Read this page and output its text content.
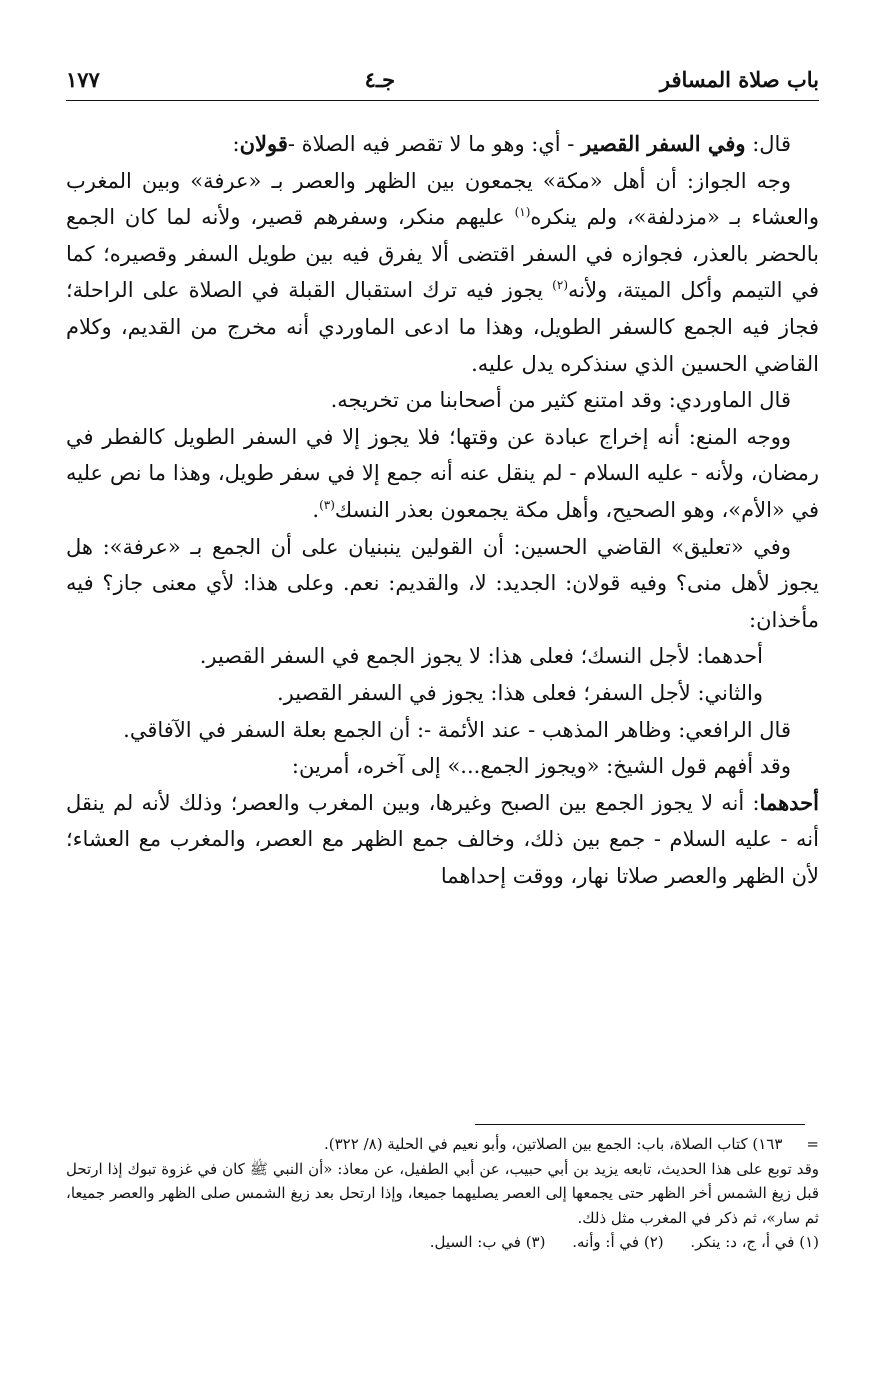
باب صلاة المسافر
جـ٤
١٧٧

قال: وفي السفر القصير - أي: وهو ما لا تقصر فيه الصلاة -قولان:

وجه الجواز: أن أهل «مكة» يجمعون بين الظهر والعصر بـ «عرفة» وبين المغرب والعشاء بـ «مزدلفة»، ولم ينكره$^{(١)}$ عليهم منكر، وسفرهم قصير، ولأنه لما كان الجمع بالحضر بالعذر، فجوازه في السفر اقتضى ألا يفرق فيه بين طويل السفر وقصيره؛ كما في التيمم وأكل الميتة، ولأنه$^{(٢)}$ يجوز فيه ترك استقبال القبلة في الصلاة على الراحلة؛ فجاز فيه الجمع كالسفر الطويل، وهذا ما ادعى الماوردي أنه مخرج من القديم، وكلام القاضي الحسين الذي سنذكره يدل عليه.

قال الماوردي: وقد امتنع كثير من أصحابنا من تخريجه.

ووجه المنع: أنه إخراج عبادة عن وقتها؛ فلا يجوز إلا في السفر الطويل كالفطر في رمضان، ولأنه - عليه السلام - لم ينقل عنه أنه جمع إلا في سفر طويل، وهذا ما نص عليه في «الأم»، وهو الصحيح، وأهل مكة يجمعون بعذر النسك$^{(٣)}$.

وفي «تعليق» القاضي الحسين: أن القولين ينبنيان على أن الجمع بـ «عرفة»: هل يجوز لأهل منى؟ وفيه قولان: الجديد: لا، والقديم: نعم. وعلى هذا: لأي معنى جاز؟ فيه مأخذان:

أحدهما: لأجل النسك؛ فعلى هذا: لا يجوز الجمع في السفر القصير.

والثاني: لأجل السفر؛ فعلى هذا: يجوز في السفر القصير.

قال الرافعي: وظاهر المذهب - عند الأئمة -: أن الجمع بعلة السفر في الآفاقي.

وقد أفهم قول الشيخ: «ويجوز الجمع...» إلى آخره، أمرين:

أحدهما: أنه لا يجوز الجمع بين الصبح وغيرها، وبين المغرب والعصر؛ وذلك لأنه لم ينقل أنه - عليه السلام - جمع بين ذلك، وخالف جمع الظهر مع العصر، والمغرب مع العشاء؛ لأن الظهر والعصر صلاتا نهار، ووقت إحداهما

=١٦٣) كتاب الصلاة، باب: الجمع بين الصلاتين، وأبو نعيم في الحلية (٨/ ٣٢٢).

وقد توبع على هذا الحديث، تابعه يزيد بن أبي حبيب، عن أبي الطفيل، عن معاذ: «أن النبي ﷺ كان في غزوة تبوك إذا ارتحل قبل زيغ الشمس أخر الظهر حتى يجمعها إلى العصر يصليهما جميعا، وإذا ارتحل بعد زيغ الشمس صلى الظهر والعصر جميعا، ثم سار»، ثم ذكر في المغرب مثل ذلك.

(١) في أ، ج، د: ينكر. (٢) في أ: وأنه. (٣) في ب: السيل.
